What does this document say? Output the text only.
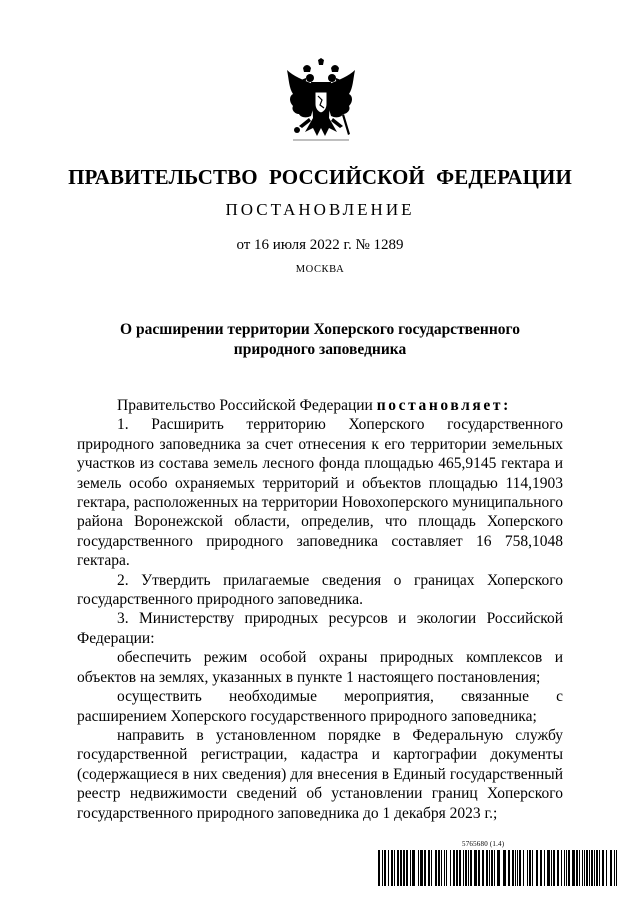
ПРАВИТЕЛЬСТВО РОССИЙСКОЙ ФЕДЕРАЦИИ
ПОСТАНОВЛЕНИЕ
от 16 июля 2022 г. № 1289
МОСКВА
О расширении территории Хоперского государственного
природного заповедника

Правительство Российской Федерации постановляет:

1. Расширить территорию Хоперского государственного природного заповедника за счет отнесения к его территории земельных участков из состава земель лесного фонда площадью 465,9145 гектара и земель особо охраняемых территорий и объектов площадью 114,1903 гектара, расположенных на территории Новохоперского муниципального района Воронежской области, определив, что площадь Хоперского государственного природного заповедника составляет 16 758,1048 гектара.

2. Утвердить прилагаемые сведения о границах Хоперского государственного природного заповедника.

3. Министерству природных ресурсов и экологии Российской Федерации:

обеспечить режим особой охраны природных комплексов и объектов на землях, указанных в пункте 1 настоящего постановления;

осуществить необходимые мероприятия, связанные с расширением Хоперского государственного природного заповедника;

направить в установленном порядке в Федеральную службу государственной регистрации, кадастра и картографии документы (содержащиеся в них сведения) для внесения в Единый государственный реестр недвижимости сведений об установлении границ Хоперского государственного природного заповедника до 1 декабря 2023 г.;

5765680 (1.4)
